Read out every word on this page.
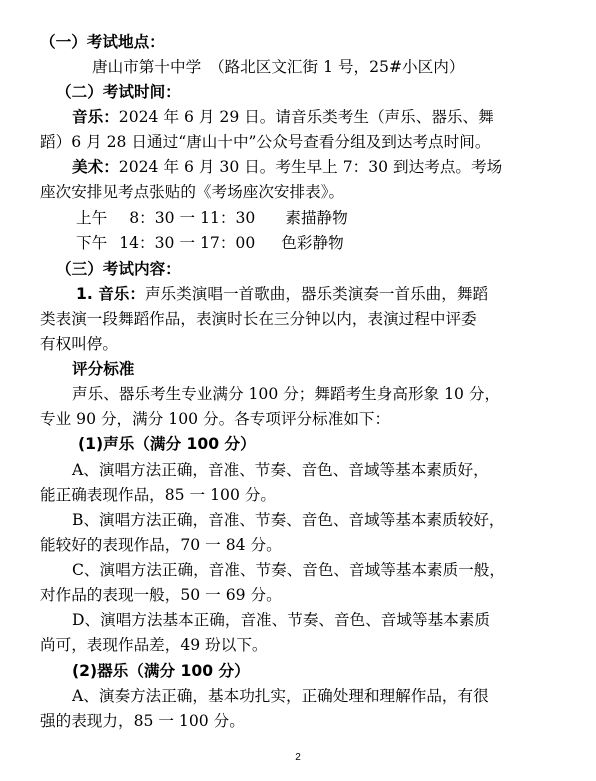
（一）考试地点：
唐山市第十中学　（路北区文汇街 1 号，25#小区内）
（二）考试时间：
音乐：2024 年 6 月 29 日。请音乐类考生（声乐、器乐、舞
蹈）6 月 28 日通过“唐山十中”公众号查看分组及到达考点时间。
美术：2024 年 6 月 30 日。考生早上 7：30 到达考点。考场
座次安排见考点张贴的《考场座次安排表》。
上午 8：30 一 11：30 素描静物
下午 14：30 一 17：00 色彩静物
（三）考试内容：
1. 音乐：声乐类演唱一首歌曲，器乐类演奏一首乐曲，舞蹈
类表演一段舞蹈作品，表演时长在三分钟以内，表演过程中评委
有权叫停。
评分标准
声乐、器乐考生专业满分 100 分；舞蹈考生身高形象 10 分，
专业 90 分，满分 100 分。各专项评分标准如下：
(1)声乐（满分 100 分）
A、演唱方法正确，音准、节奏、音色、音域等基本素质好，
能正确表现作品，85 一 100 分。
B、演唱方法正确，音准、节奏、音色、音域等基本素质较好，
能较好的表现作品，70 一 84 分。
C、演唱方法正确，音准、节奏、音色、音域等基本素质一般，
对作品的表现一般，50 一 69 分。
D、演唱方法基本正确，音准、节奏、音色、音域等基本素质
尚可，表现作品差，49 玢以下。
(2)器乐（满分 100 分）
A、演奏方法正确，基本功扎实，正确处理和理解作品，有很
强的表现力，85 一 100 分。
2
